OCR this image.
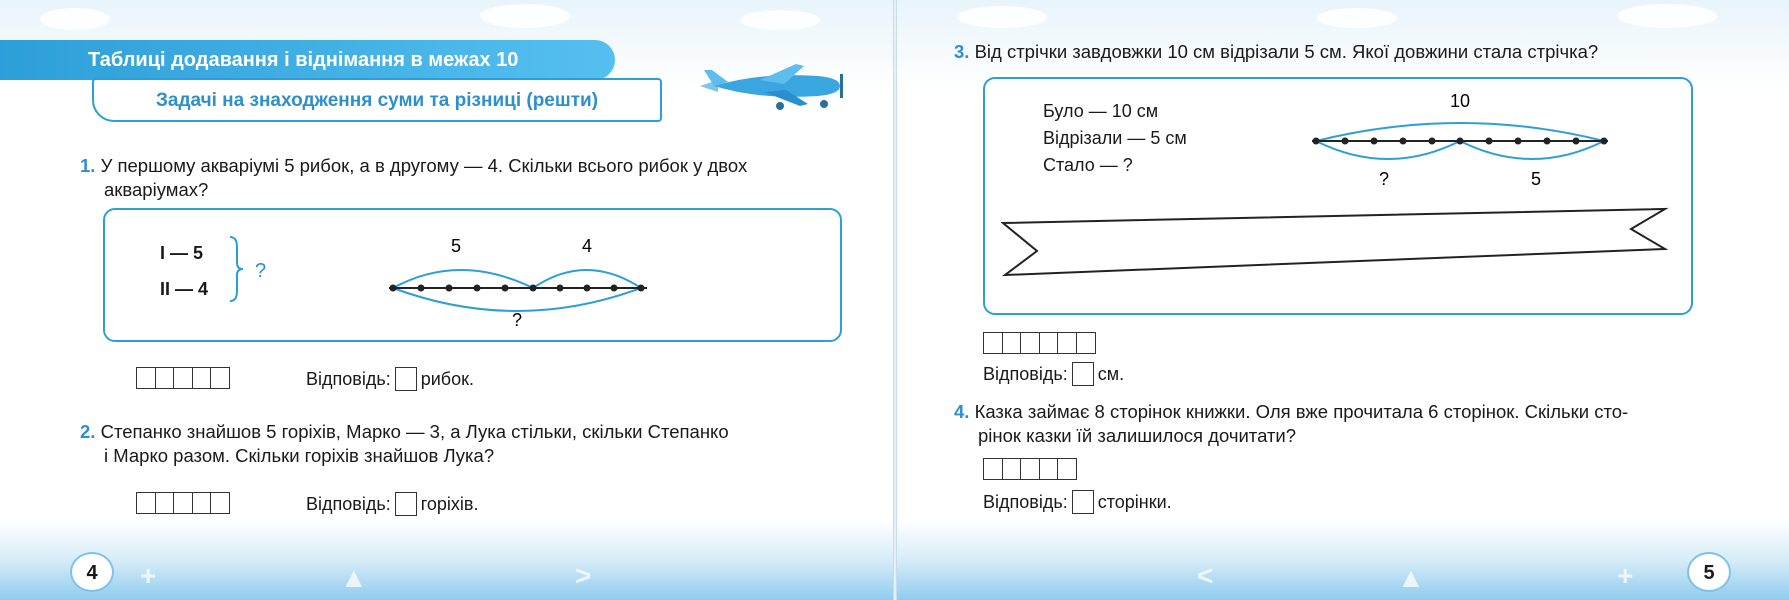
Таблиці додавання і віднімання в межах 10
Задачі на знаходження суми та різниці (решти)
1. У першому акваріумі 5 рибок, а в другому — 4. Скільки всього рибок у двох
акваріумах?
I — 5
II — 4
?
5	4
?
Відповідь: рибок.
2. Степанко знайшов 5 горіхів, Марко — 3, а Лука стільки, скільки Степанко
і Марко разом. Скільки горіхів знайшов Лука?
Відповідь: горіхів.
4	+	▲	>
3. Від стрічки завдовжки 10 см відрізали 5 см. Якої довжини стала стрічка?
Було — 10 см
Відрізали — 5 см
Стало — ?
10
?	5
Відповідь: см.
4. Казка займає 8 сторінок книжки. Оля вже прочитала 6 сторінок. Скільки сто-
рінок казки їй залишилося дочитати?
Відповідь: сторінки.
5
<	▲	+
